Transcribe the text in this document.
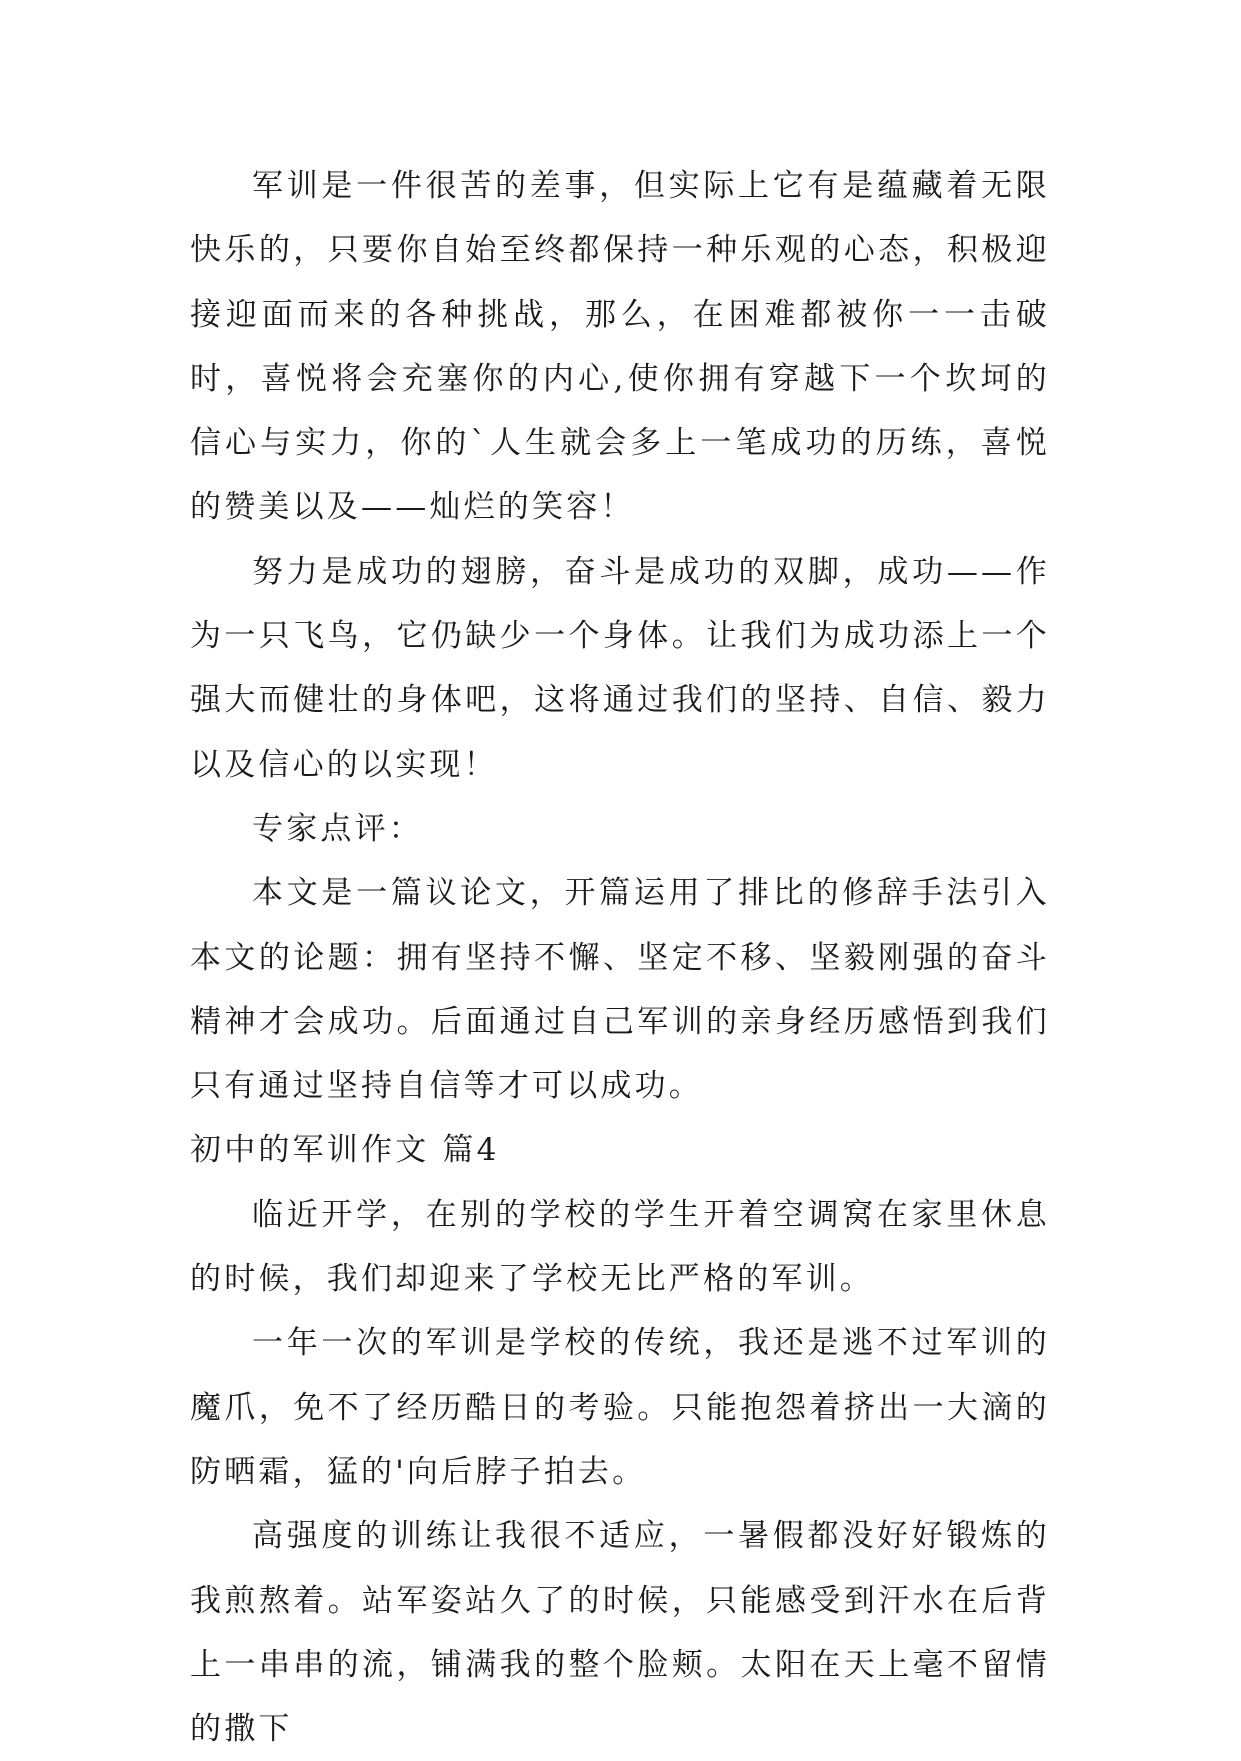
军训是一件很苦的差事，但实际上它有是蕴藏着无限快乐的，只要你自始至终都保持一种乐观的心态，积极迎接迎面而来的各种挑战，那么，在困难都被你一一击破时，喜悦将会充塞你的内心,使你拥有穿越下一个坎坷的信心与实力，你的`人生就会多上一笔成功的历练，喜悦的赞美以及——灿烂的笑容！

努力是成功的翅膀，奋斗是成功的双脚，成功——作为一只飞鸟，它仍缺少一个身体。让我们为成功添上一个强大而健壮的身体吧，这将通过我们的坚持、自信、毅力以及信心的以实现！

专家点评：

本文是一篇议论文，开篇运用了排比的修辞手法引入本文的论题：拥有坚持不懈、坚定不移、坚毅刚强的奋斗精神才会成功。后面通过自己军训的亲身经历感悟到我们只有通过坚持自信等才可以成功。

初中的军训作文 篇4

临近开学，在别的学校的学生开着空调窝在家里休息的时候，我们却迎来了学校无比严格的军训。

一年一次的军训是学校的传统，我还是逃不过军训的魔爪，免不了经历酷日的考验。只能抱怨着挤出一大滴的防晒霜，猛的'向后脖子拍去。

高强度的训练让我很不适应，一暑假都没好好锻炼的我煎熬着。站军姿站久了的时候，只能感受到汗水在后背上一串串的流，铺满我的整个脸颊。太阳在天上毫不留情的撒下
